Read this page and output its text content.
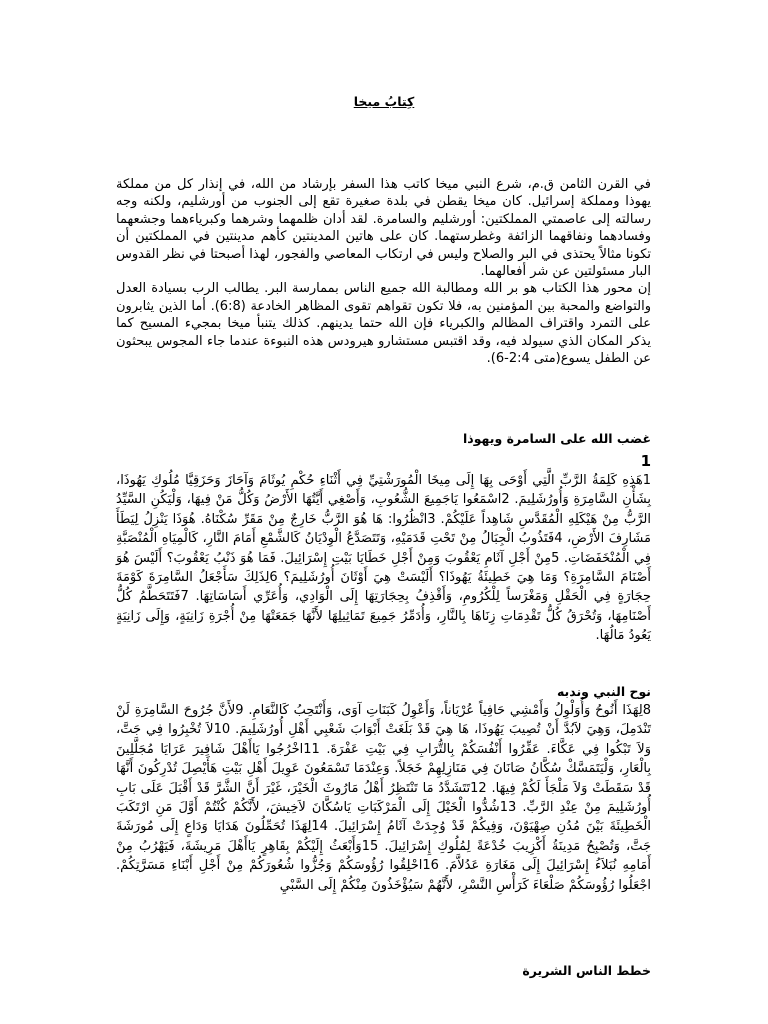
كِتابُ ميخا

في القرن الثامن ق.م، شرع النبي ميخا كاتب هذا السفر بإرشاد من الله، في إنذار كل من مملكة يهوذا ومملكة إسرائيل. كان ميخا يقطن في بلدة صغيرة تقع إلى الجنوب من أورشليم، ولكنه وجه رسالته إلى عاصمتي المملكتين: أورشليم والسامرة. لقد أدان ظلمهما وشرهما وكبرياءهما وجشعهما وفسادهما ونفاقهما الزائفة وغطرستهما. كان على هاتين المدينتين كأهم مدينتين في المملكتين أن تكونا مثالاً يحتذى في البر والصلاح وليس في ارتكاب المعاصي والفجور، لهذا أصبحتا في نظر القدوس البار مسئولتين عن شر أفعالهما.

إن محور هذا الكتاب هو بر الله ومطالبة الله جميع الناس بممارسة البر. يطالب الرب بسيادة العدل والتواضع والمحبة بين المؤمنين به، فلا تكون تقواهم تقوى المظاهر الخادعة (6:8). أما الذين يثابرون على التمرد واقتراف المظالم والكبرياء فإن الله حتما يدينهم. كذلك يتنبأ ميخا بمجيء المسيح كما يذكر المكان الذي سيولد فيه، وقد اقتبس مستشارو هيرودس هذه النبوءة عندما جاء المجوس يبحثون عن الطفل يسوع(متى 2:4-6).

غضب الله على السامرة ويهوذا
1

1هَذِهِ كَلِمَةُ الرَّبِّ الَّتِي أَوْحَى بِهَا إِلَى مِيخَا الْمُورَشْتِيِّ فِي أَثْنَاءِ حُكْمِ يُوثَامَ وَآحَازَ وَحَزَقِيَّا مُلُوكِ يَهُوذَا، بِشَأْنِ السَّامِرَةِ وَأُورُشَلِيمَ. 2اسْمَعُوا يَاجَمِيعَ الشُّعُوبِ، وَأَصْغِي أَيَّتُهَا الأَرْضُ وَكُلُّ مَنْ فِيهَا، وَلْيَكُنِ السَّيِّدُ الرَّبُّ مِنْ هَيْكَلِهِ الْمُقَدَّسِ شَاهِداً عَلَيْكُمْ. 3انْظُرُوا: هَا هُوَ الرَّبُّ خَارِجٌ مِنْ مَقَرِّ سُكْنَاهُ. هُوَذَا يَنْزِلُ لِيَطَأَ مَشَارِفَ الأَرْضِ، 4فَتَذُوبُ الْجِبَالُ مِنْ تَحْتِ قَدَمَيْهِ، وَتَتَصَدَّعُ الْوِدْيَانُ كَالشَّمْعِ أَمَامَ النَّارِ، كَالْمِيَاهِ الْمُنْصَبَّةِ فِي الْمُنْخَفَضَاتِ. 5مِنْ أَجْلِ آثَامِ يَعْقُوبَ وَمِنْ أَجْلِ خَطَايَا بَيْتِ إِسْرَائِيلَ. فَمَا هُوَ ذَنْبُ يَعْقُوبَ؟ أَلَيْسَ هُوَ أَصْنَامَ السَّامِرَةِ؟ وَمَا هِيَ خَطِيئَةُ يَهُوذَا؟ أَلَيْسَتْ هِيَ أَوْثَانَ أُورُشَلِيمَ؟ 6لِذَلِكَ سَأَجْعَلُ السَّامِرَةَ كَوْمَةَ حِجَارَةٍ فِي الْحَقْلِ وَمَغْرَساً لِلْكُرُومِ، وَأَقْذِفُ بِحِجَارَتِهَا إِلَى الْوَادِي، وَأُعَرِّي أَسَاسَاتِهَا. 7فَتَتَحَطَّمُ كُلُّ أَصْنَامِهَا، وَتُحْرَقُ كُلُّ تَقْدِمَاتِ زِنَاهَا بِالنَّارِ، وَأُدَمِّرُ جَمِيعَ تَمَاثِيلِهَا لأَنَّهَا جَمَعَتْهَا مِنْ أُجْرَةِ زَانِيَةٍ، وَإِلَى زَانِيَةٍ يَعُودُ مَالُهَا.

نوح النبي وندبه

8لِهَذَا أَنُوحُ وَأُوَلْوِلُ وَأَمْشِي حَافِياً عُرْيَاناً، وَأَعْوِلُ كَبَنَاتِ آوَى، وَأَنْتَحِبُ كَالنَّعَامِ. 9لأَنَّ جُرُوحَ السَّامِرَةِ لَنْ تَنْدَمِلَ، وَهِيَ لاَبُدَّ أَنْ تُصِيبَ يَهُوذَا، هَا هِيَ قَدْ بَلَغَتْ أَبْوَابَ شَعْبِي أَهْلِ أُورُشَلِيمَ. 10لاَ تُخْبِرُوا فِي جَتَّ، وَلاَ تَبْكُوا فِي عَكَّاءَ. عَفِّرُوا أَنْفُسَكُمْ بِالتُّرَابِ فِي بَيْتِ عَفْرَةَ. 11اخْرُجُوا يَاأَهْلَ شَافِيرَ عَرَايَا مُجَلَّلِينَ بِالْعَارِ، وَلْيَتَمَسَّكْ سُكَّانُ صَانَانَ فِي مَنَازِلِهِمْ خَجَلاً. وَعِنْدَمَا تَسْمَعُونَ عَوِيلَ أَهْلِ بَيْتِ هَأَيْصِلَ تُدْرِكُونَ أَنَّهَا قَدْ سَقَطَتْ وَلاَ مَلْجَأَ لَكُمْ فِيهَا. 12تَتَشَدَّدُ مَا تَنْتَظِرُ أَهْلُ مَارُوثَ الْخَيْرَ، غَيْرَ أَنَّ الشَّرَّ قَدْ أَقْبَلَ عَلَى بَابِ أُورُشَلِيمَ مِنْ عِنْدِ الرَّبِّ. 13شُدُّوا الْخَيْلَ إِلَى الْمَرْكَبَاتِ يَاسُكَّانَ لاَخِيشَ، لأَنَّكُمْ كُنْتُمْ أَوَّلَ مَنِ ارْتَكَبَ الْخَطِيئَةَ بَيْنَ مُدُنِ صِهْيَوْنَ، وَفِيكُمْ قَدْ وُجِدَتْ آثَامُ إِسْرَائِيلَ. 14لِهَذَا تُحَمِّلُونَ هَدَايَا وَدَاعٍ إِلَى مُورَشَةَ جَتَّ، وَتُصْبِحُ مَدِينَةُ أَكْزِيبَ خُدْعَةً لِمُلُوكِ إِسْرَائِيلَ. 15وَأَبْعَثُ إِلَيْكُمْ بِقَاهِرٍ يَاأَهْلَ مَرِيشَةَ، فَيَهْرُبُ مِنْ أَمَامِهِ نُبَلاَءُ إِسْرَائِيلَ إِلَى مَغَارَةِ عَدُلاَّمَ. 16احْلِقُوا رُؤُوسَكُمْ وَجُزُّوا شُعُورَكُمْ مِنْ أَجْلِ أَبْنَاءِ مَسَرَّتِكُمْ. اجْعَلُوا رُؤُوسَكُمْ صَلْعَاءَ كَرَأْسِ النَّسْرِ، لأَنَّهُمْ سَيُؤْخَذُونَ مِنْكُمْ إِلَى السَّبْيِ

خطط الناس الشريرة
